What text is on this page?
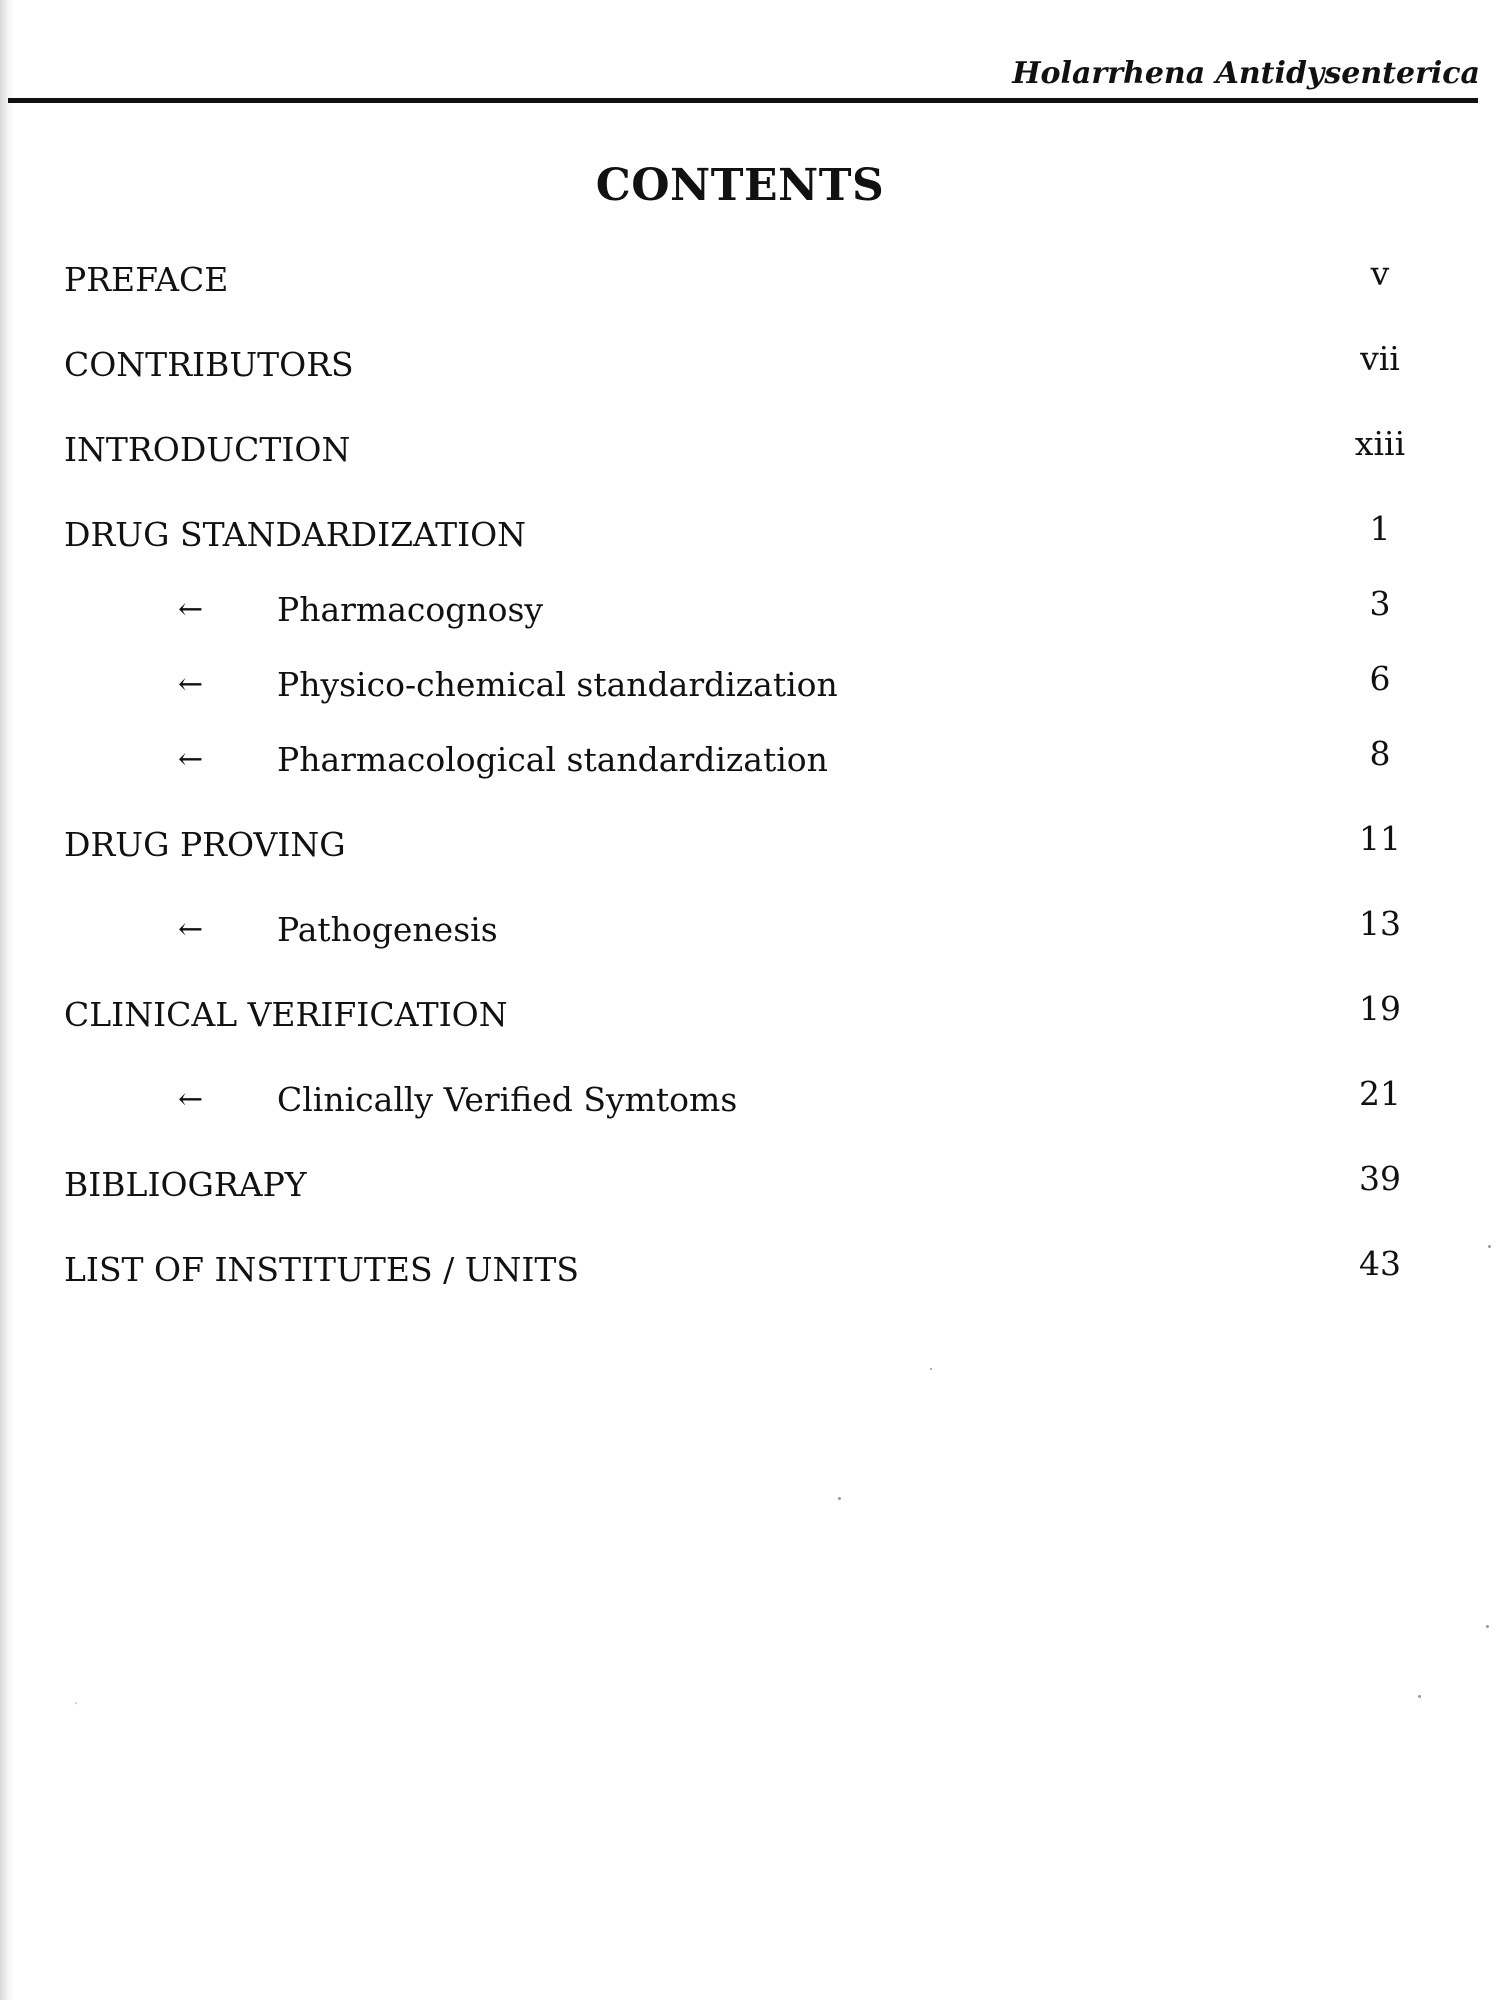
Holarrhena Antidysenterica
CONTENTS
PREFACE	v
CONTRIBUTORS	vii
INTRODUCTION	xiii
DRUG STANDARDIZATION	1
← Pharmacognosy	3
← Physico-chemical standardization	6
← Pharmacological standardization	8
DRUG PROVING	11
← Pathogenesis	13
CLINICAL VERIFICATION	19
← Clinically Verified Symtoms	21
BIBLIOGRAPY	39
LIST OF INSTITUTES / UNITS	43
